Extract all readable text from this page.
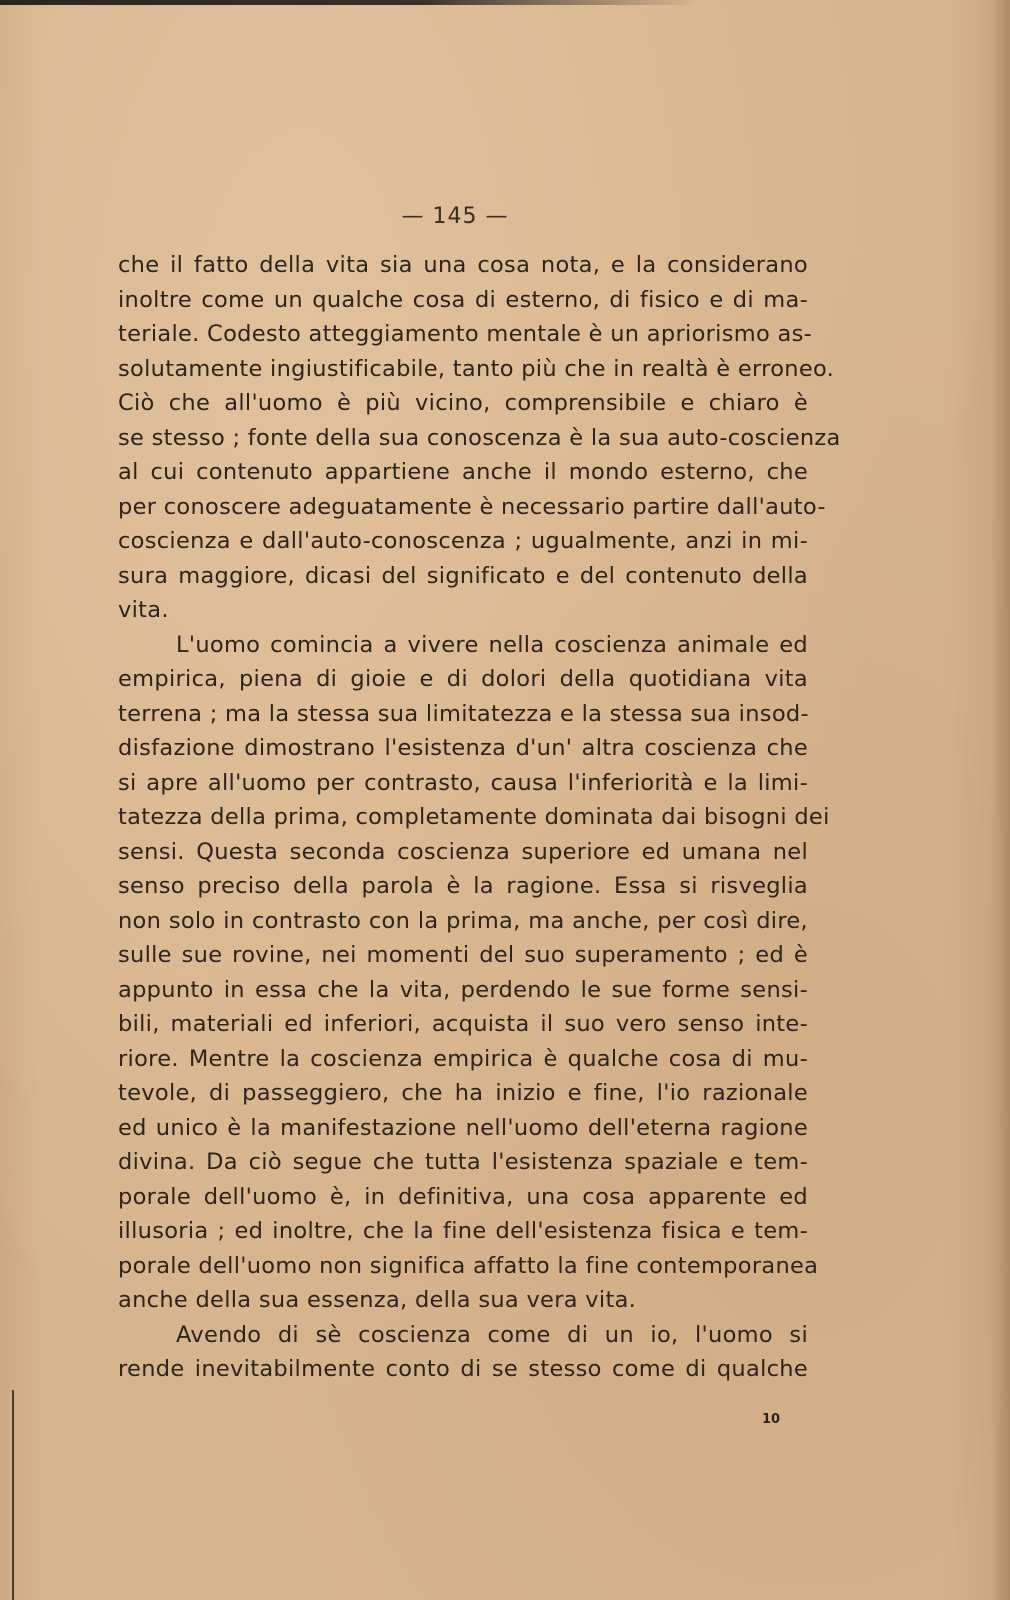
— 145 —
che il fatto della vita sia una cosa nota, e la considerano
inoltre come un qualche cosa di esterno, di fisico e di ma-
teriale. Codesto atteggiamento mentale è un apriorismo as-
solutamente ingiustificabile, tanto più che in realtà è erroneo.
Ciò che all'uomo è più vicino, comprensibile e chiaro è
se stesso ; fonte della sua conoscenza è la sua auto-coscienza
al cui contenuto appartiene anche il mondo esterno, che
per conoscere adeguatamente è necessario partire dall'auto-
coscienza e dall'auto-conoscenza ; ugualmente, anzi in mi-
sura maggiore, dicasi del significato e del contenuto della
vita.
L'uomo comincia a vivere nella coscienza animale ed
empirica, piena di gioie e di dolori della quotidiana vita
terrena ; ma la stessa sua limitatezza e la stessa sua insod-
disfazione dimostrano l'esistenza d'un' altra coscienza che
si apre all'uomo per contrasto, causa l'inferiorità e la limi-
tatezza della prima, completamente dominata dai bisogni dei
sensi. Questa seconda coscienza superiore ed umana nel
senso preciso della parola è la ragione. Essa si risveglia
non solo in contrasto con la prima, ma anche, per così dire,
sulle sue rovine, nei momenti del suo superamento ; ed è
appunto in essa che la vita, perdendo le sue forme sensi-
bili, materiali ed inferiori, acquista il suo vero senso inte-
riore. Mentre la coscienza empirica è qualche cosa di mu-
tevole, di passeggiero, che ha inizio e fine, l'io razionale
ed unico è la manifestazione nell'uomo dell'eterna ragione
divina. Da ciò segue che tutta l'esistenza spaziale e tem-
porale dell'uomo è, in definitiva, una cosa apparente ed
illusoria ; ed inoltre, che la fine dell'esistenza fisica e tem-
porale dell'uomo non significa affatto la fine contemporanea
anche della sua essenza, della sua vera vita.
Avendo di sè coscienza come di un io, l'uomo si
rende inevitabilmente conto di se stesso come di qualche
10
